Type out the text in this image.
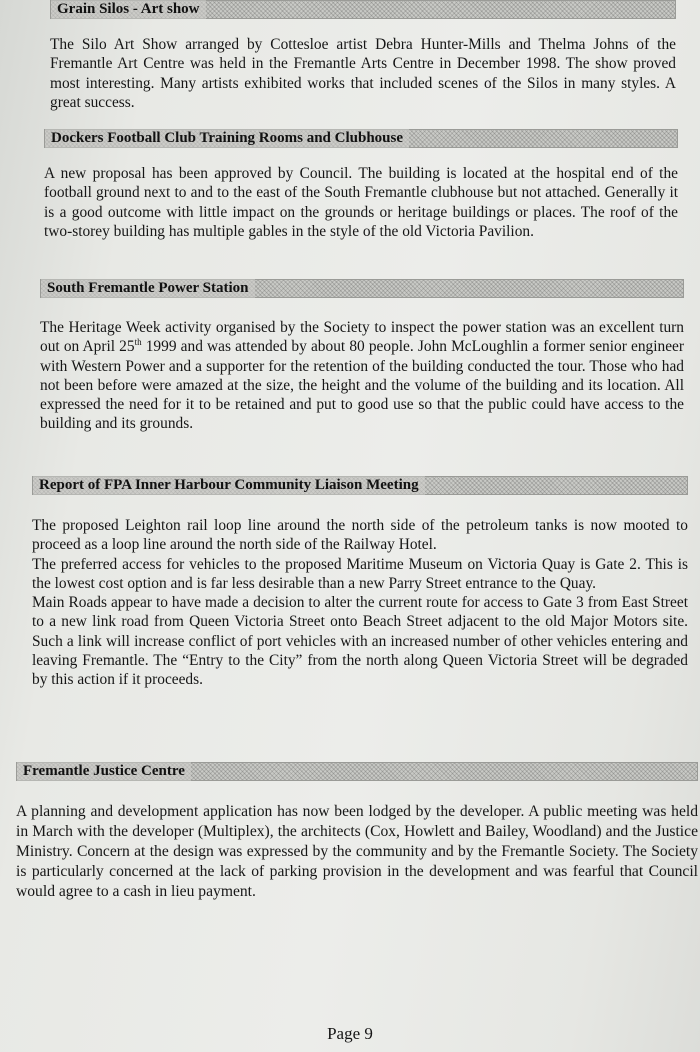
Grain Silos - Art show

The Silo Art Show arranged by Cottesloe artist Debra Hunter-Mills and Thelma Johns of the Fremantle Art Centre was held in the Fremantle Arts Centre in December 1998. The show proved most interesting. Many artists exhibited works that included scenes of the Silos in many styles. A great success.

Dockers Football Club Training Rooms and Clubhouse

A new proposal has been approved by Council. The building is located at the hospital end of the football ground next to and to the east of the South Fremantle clubhouse but not attached. Generally it is a good outcome with little impact on the grounds or heritage buildings or places. The roof of the two-storey building has multiple gables in the style of the old Victoria Pavilion.

South Fremantle Power Station

The Heritage Week activity organised by the Society to inspect the power station was an excellent turn out on April 25th 1999 and was attended by about 80 people. John McLoughlin a former senior engineer with Western Power and a supporter for the retention of the building conducted the tour. Those who had not been before were amazed at the size, the height and the volume of the building and its location. All expressed the need for it to be retained and put to good use so that the public could have access to the building and its grounds.

Report of FPA Inner Harbour Community Liaison Meeting

The proposed Leighton rail loop line around the north side of the petroleum tanks is now mooted to proceed as a loop line around the north side of the Railway Hotel.
The preferred access for vehicles to the proposed Maritime Museum on Victoria Quay is Gate 2. This is the lowest cost option and is far less desirable than a new Parry Street entrance to the Quay.
Main Roads appear to have made a decision to alter the current route for access to Gate 3 from East Street to a new link road from Queen Victoria Street onto Beach Street adjacent to the old Major Motors site. Such a link will increase conflict of port vehicles with an increased number of other vehicles entering and leaving Fremantle. The “Entry to the City” from the north along Queen Victoria Street will be degraded by this action if it proceeds.

Fremantle Justice Centre

A planning and development application has now been lodged by the developer. A public meeting was held in March with the developer (Multiplex), the architects (Cox, Howlett and Bailey, Woodland) and the Justice Ministry. Concern at the design was expressed by the community and by the Fremantle Society. The Society is particularly concerned at the lack of parking provision in the development and was fearful that Council would agree to a cash in lieu payment.

Page 9
